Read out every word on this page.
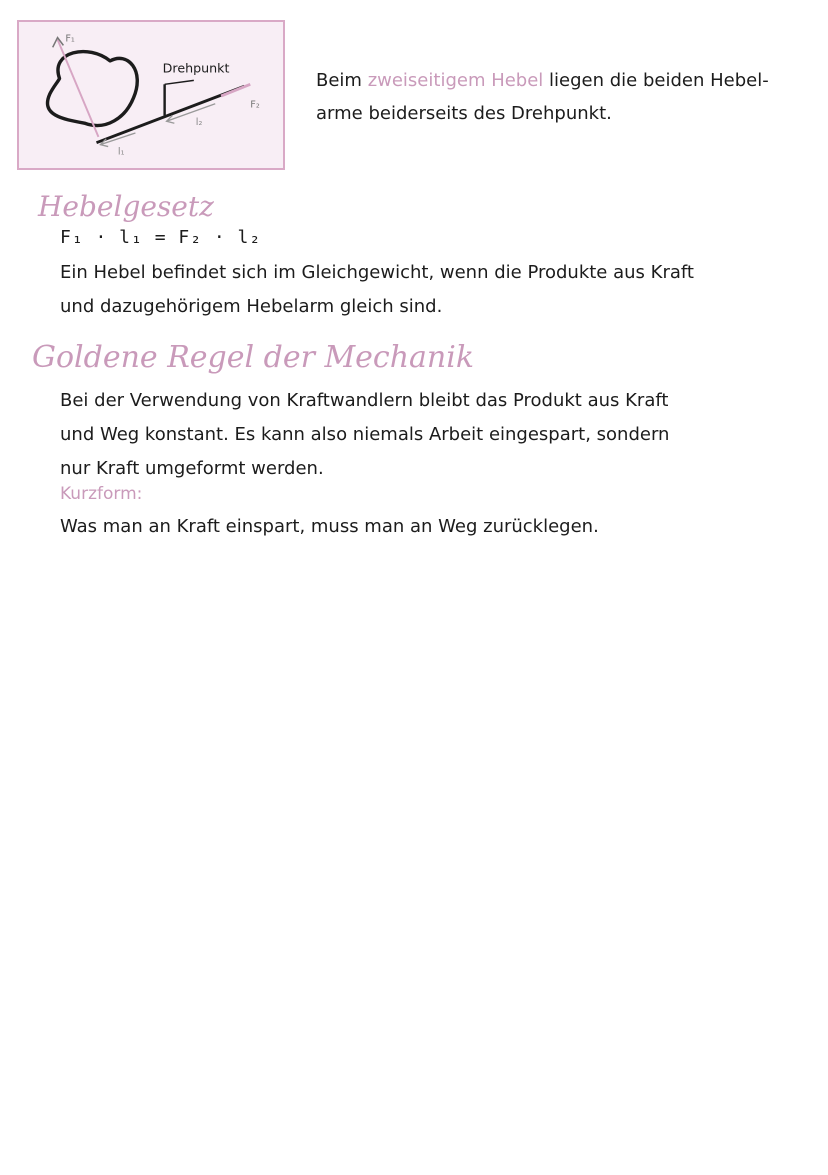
F₁
Drehpunkt
F₂
l₂
l₁
Beim zweiseitigem Hebel liegen die beiden Hebel-
arme beiderseits des Drehpunkt.
Hebelgesetz
F₁ · l₁ = F₂ · l₂
Ein Hebel befindet sich im Gleichgewicht, wenn die Produkte aus Kraft
und dazugehörigem Hebelarm gleich sind.
Goldene Regel der Mechanik
Bei der Verwendung von Kraftwandlern bleibt das Produkt aus Kraft
und Weg konstant. Es kann also niemals Arbeit eingespart, sondern
nur Kraft umgeformt werden.
Kurzform:
Was man an Kraft einspart, muss man an Weg zurücklegen.
